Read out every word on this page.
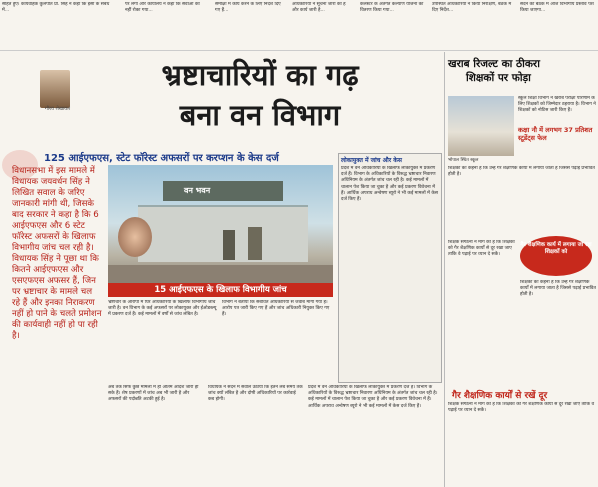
सहित हुए। कार्यवाहक कुलपति प्रो. सिंह ने कहा कि इसी के संबंध में...
पर लगा और कार्यालय ने कहा कि सेवाओं को नहीं रोका गया...
समीक्षा में कार्य करने के लिए निर्देश दिए गए हैं...
अधिकारियों ने सूचना जारी की है और कार्य जारी है...
कलस्टर के अंतर्गत कल्याण योजना का वितरण किया गया...
उपस्थित अधिकारियों ने किया निरीक्षण, बैठक में दिए निर्देश...
सदन की बैठक में आज विभागीय प्रस्ताव पेश किया जाएगा...
गौरव शेखावत
भ्रष्टाचारियों का गढ़
बना वन विभाग
125 आईएफएस, स्टेट फॉरेस्ट अफसरों पर करप्शन के केस दर्ज
विधानसभा में इस मामले में विधायक जयवर्धन सिंह ने लिखित सवाल के जरिए जानकारी मांगी थी, जिसके बाद सरकार ने कहा है कि 6 आईएफएस और 6 स्टेट फॉरेस्ट अफसरों के खिलाफ विभागीय जांच चल रही है। विधायक सिंह ने पूछा था कि कितने आईएफएस और एसएफएस अफसर हैं, जिन पर भ्रष्टाचार के मामले चल रहे हैं और इनका निराकरण नहीं हो पाने के चलते प्रमोशन की कार्यवाही नहीं हो पा रही है।
वन भवन
15 आईएफएस के खिलाफ विभागीय जांच
लोकायुक्त में जांच और केस
प्रदेश में वन अधिकारियों के खिलाफ लोकायुक्त में प्रकरण दर्ज हैं। विभाग के अधिकारियों के विरुद्ध भ्रष्टाचार निवारण अधिनियम के अंतर्गत जांच चल रही है। कई मामलों में चालान पेश किया जा चुका है और कई प्रकरण विवेचना में हैं। आर्थिक अपराध अन्वेषण ब्यूरो ने भी कई मामलों में केस दर्ज किए हैं।
भ्रष्टाचार के आरोपों में घिरे अधिकारियों के खिलाफ विभागीय जांच जारी है। वन विभाग के कई अफसरों पर लोकायुक्त और ईओडब्ल्यू में प्रकरण दर्ज हैं। कई मामलों में वर्षों से जांच लंबित है।
विभाग ने बताया कि संबंधित अधिकारियों से जवाब मांगा गया है। आरोप पत्र जारी किए गए हैं और जांच अधिकारी नियुक्त किए गए हैं।
अब तक सिर्फ कुछ मामलों में ही अंतिम आदेश जारी हो सके हैं। शेष प्रकरणों में जांच अब भी जारी है और अफसरों की पदोन्नति अटकी हुई है।
विधायक ने सदन में सवाल उठाया कि इतने लंबे समय तक जांच क्यों लंबित है और दोषी अधिकारियों पर कार्रवाई कब होगी।
प्रदेश में वन अधिकारियों के खिलाफ लोकायुक्त में प्रकरण दर्ज हैं। विभाग के अधिकारियों के विरुद्ध भ्रष्टाचार निवारण अधिनियम के अंतर्गत जांच चल रही है। कई मामलों में चालान पेश किया जा चुका है और कई प्रकरण विवेचना में हैं। आर्थिक अपराध अन्वेषण ब्यूरो ने भी कई मामलों में केस दर्ज किए हैं।
खराब रिजल्ट का ठीकरा
शिक्षकों पर फोड़ा
भोपाल स्थित स्कूल
स्कूल शिक्षा विभाग ने खराब परीक्षा परिणाम के लिए शिक्षकों को जिम्मेदार ठहराया है। विभाग ने शिक्षकों को नोटिस जारी किए हैं।
कक्षा नौ में लगभग 37 प्रतिशत स्टूडेंट्स फेल
शिक्षकों का कहना है कि उन्हें गैर शैक्षणिक कार्यों में लगाया जाता है जिससे पढ़ाई प्रभावित होती है।
गैर शैक्षणिक कार्य में लगाया जा रहा शिक्षकों को
शिक्षक संगठनों ने मांग की है कि शिक्षकों को गैर शैक्षणिक कार्यों से दूर रखा जाए ताकि वे पढ़ाई पर ध्यान दे सकें।
शिक्षकों का कहना है कि उन्हें गैर शैक्षणिक कार्यों में लगाया जाता है जिससे पढ़ाई प्रभावित होती है।
गैर शैक्षणिक कार्यों से रखें दूर
शिक्षक संगठनों ने मांग की है कि शिक्षकों को गैर शैक्षणिक कार्यों से दूर रखा जाए ताकि वे पढ़ाई पर ध्यान दे सकें।
